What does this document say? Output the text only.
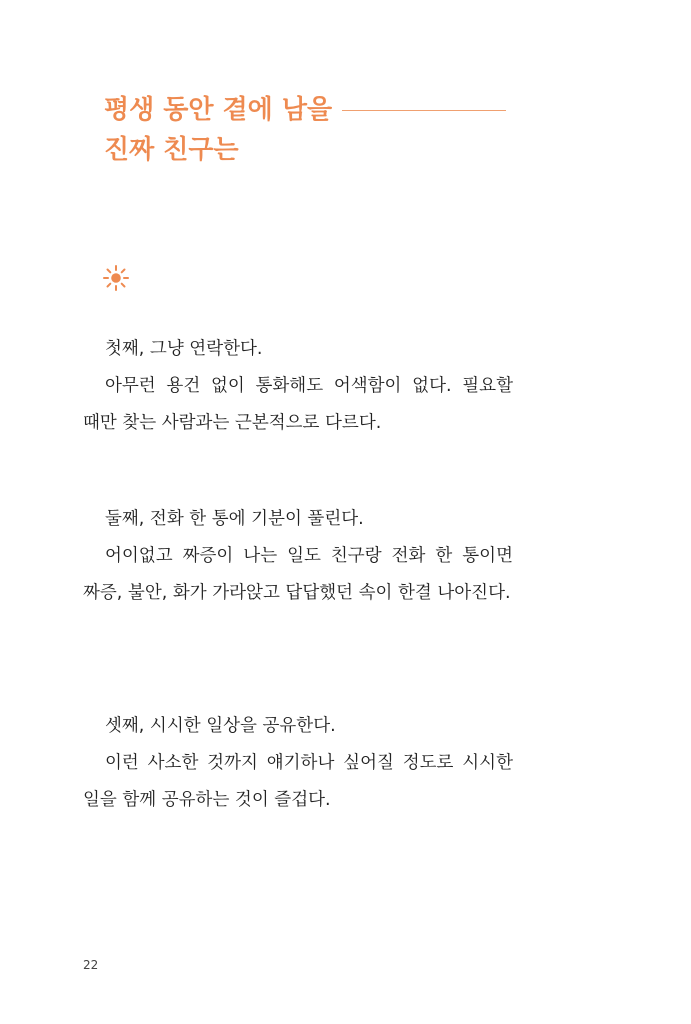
평생 동안 곁에 남을
진짜 친구는

첫째, 그냥 연락한다.

아무런 용건 없이 통화해도 어색함이 없다. 필요할 때만 찾는 사람과는 근본적으로 다르다.

둘째, 전화 한 통에 기분이 풀린다.

어이없고 짜증이 나는 일도 친구랑 전화 한 통이면 짜증, 불안, 화가 가라앉고 답답했던 속이 한결 나아진다.

셋째, 시시한 일상을 공유한다.

이런 사소한 것까지 얘기하나 싶어질 정도로 시시한 일을 함께 공유하는 것이 즐겁다.

22
